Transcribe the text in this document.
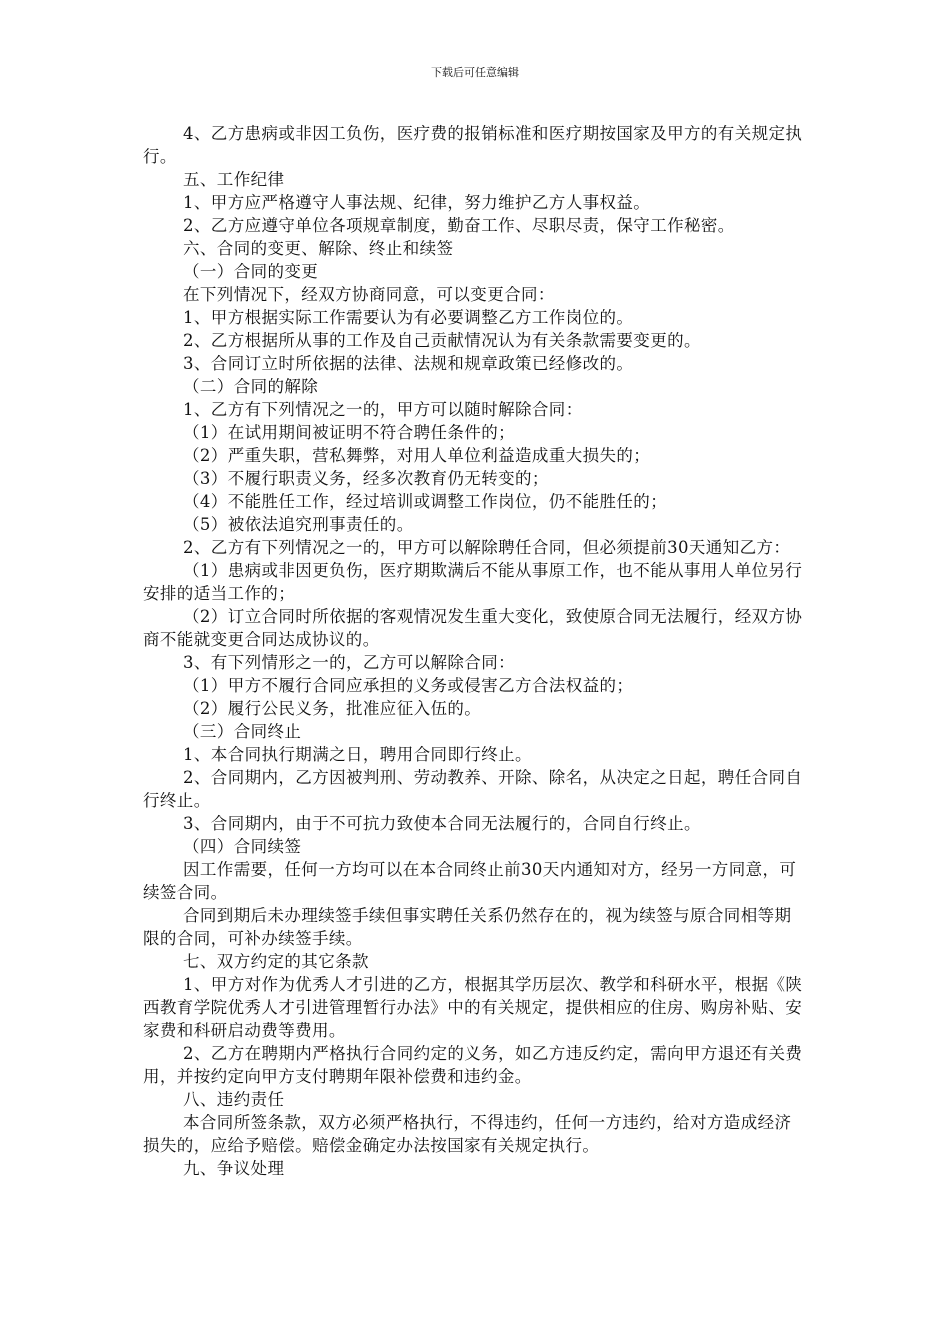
下载后可任意编辑

4、乙方患病或非因工负伤，医疗费的报销标准和医疗期按国家及甲方的有关规定执行。

五、工作纪律

1、甲方应严格遵守人事法规、纪律，努力维护乙方人事权益。

2、乙方应遵守单位各项规章制度，勤奋工作、尽职尽责，保守工作秘密。

六、合同的变更、解除、终止和续签

（一）合同的变更

在下列情况下，经双方协商同意，可以变更合同：

1、甲方根据实际工作需要认为有必要调整乙方工作岗位的。

2、乙方根据所从事的工作及自己贡献情况认为有关条款需要变更的。

3、合同订立时所依据的法律、法规和规章政策已经修改的。

（二）合同的解除

1、乙方有下列情况之一的，甲方可以随时解除合同：

（1）在试用期间被证明不符合聘任条件的；

（2）严重失职，营私舞弊，对用人单位利益造成重大损失的；

（3）不履行职责义务，经多次教育仍无转变的；

（4）不能胜任工作，经过培训或调整工作岗位，仍不能胜任的；

（5）被依法追究刑事责任的。

2、乙方有下列情况之一的，甲方可以解除聘任合同，但必须提前30天通知乙方：

（1）患病或非因更负伤，医疗期欺满后不能从事原工作，也不能从事用人单位另行安排的适当工作的；

（2）订立合同时所依据的客观情况发生重大变化，致使原合同无法履行，经双方协商不能就变更合同达成协议的。

3、有下列情形之一的，乙方可以解除合同：

（1）甲方不履行合同应承担的义务或侵害乙方合法权益的；

（2）履行公民义务，批准应征入伍的。

（三）合同终止

1、本合同执行期满之日，聘用合同即行终止。

2、合同期内，乙方因被判刑、劳动教养、开除、除名，从决定之日起，聘任合同自行终止。

3、合同期内，由于不可抗力致使本合同无法履行的，合同自行终止。

（四）合同续签

因工作需要，任何一方均可以在本合同终止前30天内通知对方，经另一方同意，可续签合同。

合同到期后未办理续签手续但事实聘任关系仍然存在的，视为续签与原合同相等期限的合同，可补办续签手续。

七、双方约定的其它条款

1、甲方对作为优秀人才引进的乙方，根据其学历层次、教学和科研水平，根据《陕西教育学院优秀人才引进管理暂行办法》中的有关规定，提供相应的住房、购房补贴、安家费和科研启动费等费用。

2、乙方在聘期内严格执行合同约定的义务，如乙方违反约定，需向甲方退还有关费用，并按约定向甲方支付聘期年限补偿费和违约金。

八、违约责任

本合同所签条款，双方必须严格执行，不得违约，任何一方违约，给对方造成经济损失的，应给予赔偿。赔偿金确定办法按国家有关规定执行。

九、争议处理
